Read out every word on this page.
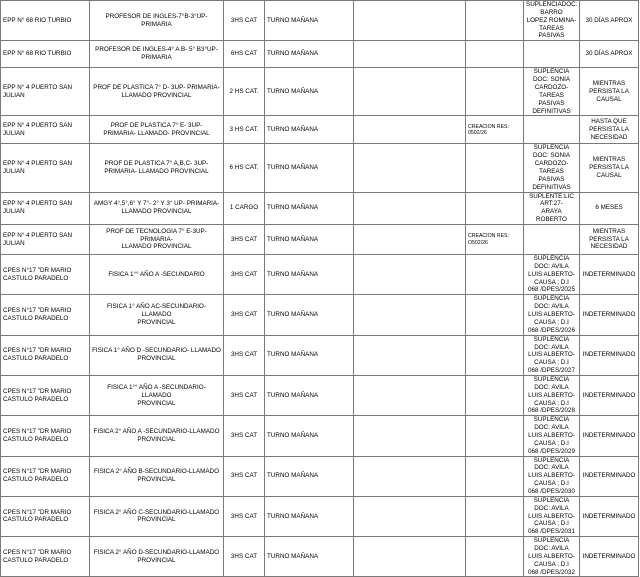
EPP N° 68 RIO TURBIO	PROFESOR DE INGLES-7°B-3°UP- PRIMARIA	3HS CAT	TURNO MAÑANA			SUPLENCIADOC: BARRO
LOPEZ ROMINA- TAREAS
PASIVAS	30 DÍAS APROX
EPP N° 68 RIO TURBIO	PROFESOR DE INGLES-4° A B- 5° B3°UP-
PRIMARIA	6HS CAT	TURNO MAÑANA				30 DÍAS APROX
EPP N° 4 PUERTO SAN JULIAN	PROF DE PLASTICA 7° D- 3UP- PRIMARIA-
LLAMADO PROVINCIAL	2 HS CAT.	TURNO MAÑANA			SUPLENCIA DOC: SONIA
CARDOZO- TAREAS
PASIVAS DEFINITIVAS	MIENTRAS PERSISTA LA CAUSAL
EPP N° 4 PUERTO SAN JULIAN	PROF DE PLASTICA 7° E- 3UP-
PRIMARIA- LLAMADO- PROVINCIAL	3 HS CAT.	TURNO MAÑANA		CREACION RES:
0502/26		HASTA QUE PERSISTA LA
NECESIDAD
EPP N° 4 PUERTO SAN JULIAN	PROF DE PLASTICA 7° A,B,C- 3UP-
PRIMARIA- LLAMADO PROVINCIAL	6 HS CAT.	TURNO MAÑANA			SUPLENCIA DOC: SONIA
CARDOZO- TAREAS
PASIVAS DEFINITIVAS	MIENTRAS PERSISTA LA CAUSAL
EPP N° 4 PUERTO SAN JULIAN	AMGY 4°,5°,6° Y 7°- 2° Y 3° UP- PRIMARIA-
LLAMADO PROVINCIAL	1 CARGO	TURNO MAÑANA			SUPLENTE:LIC ART:27-
ARAYA ROBERTO	6 MESES
EPP N° 4 PUERTO SAN JULIAN	PROF DE TECNOLOGIA 7° E-3UP-PRIMARIA-
LLAMADO PROVINCIAL	3HS CAT	TURNO MAÑANA		CREACION RES:
O502/26		MIENTRAS PERSISTA LA NECESIDAD
CPES N°17 "DR MARIO
CASTULO PARADELO	FISICA 1°° AÑO A -SECUNDARIO	3HS CAT	TURNO MAÑANA			SUPLENCIA DOC: AVILA
LUIS ALBERTO-CAUSA ; D.I
068 /DPES/2025	INDETERMINADO
CPES N°17 "DR MARIO
CASTULO PARADELO	FISICA 1° AÑO AC-SECUNDARIO- LLAMADO
PROVINCIAL	3HS CAT	TURNO MAÑANA			SUPLENCIA DOC: AVILA
LUIS ALBERTO-CAUSA ; D.I
068 /DPES/2026	INDETERMINADO
CPES N°17 "DR MARIO
CASTULO PARADELO	FISICA 1° AÑO D -SECUNDARIO- LLAMADO
PROVINCIAL	3HS CAT	TURNO MAÑANA			SUPLENCIA DOC: AVILA
LUIS ALBERTO-CAUSA ; D.I
068 /DPES/2027	INDETERMINADO
CPES N°17 "DR MARIO
CASTULO PARADELO	FISICA 1°° AÑO A -SECUNDARIO- LLAMADO
PROVINCIAL	3HS CAT	TURNO MAÑANA			SUPLENCIA DOC: AVILA
LUIS ALBERTO-CAUSA ; D.I
068 /DPES/2028	INDETERMINADO
CPES N°17 "DR MARIO
CASTULO PARADELO	FISICA 2° AÑO A -SECUNDARIO-LLAMADO
PROVINCIAL	3HS CAT	TURNO MAÑANA			SUPLENCIA DOC: AVILA
LUIS ALBERTO-CAUSA ; D.I
068 /DPES/2029	INDETERMINADO
CPES N°17 "DR MARIO
CASTULO PARADELO	FISICA 2° AÑO B-SECUNDARIO-LLAMADO
PROVINCIAL	3HS CAT	TURNO MAÑANA			SUPLENCIA DOC: AVILA
LUIS ALBERTO-CAUSA ; D.I
068 /DPES/2030	INDETERMINADO
CPES N°17 "DR MARIO
CASTULO PARADELO	FISICA 2° AÑO C-SECUNDARIO-LLAMADO
PROVINCIAL	3HS CAT	TURNO MAÑANA			SUPLENCIA DOC: AVILA
LUIS ALBERTO-CAUSA ; D.I
068 /DPES/2031	INDETERMINADO
CPES N°17 "DR MARIO
CASTULO PARADELO	FISICA 2° AÑO D-SECUNDARIO-LLAMADO
PROVINCIAL	3HS CAT	TURNO MAÑANA			SUPLENCIA DOC: AVILA
LUIS ALBERTO-CAUSA ; D.I
068 /DPES/2032	INDETERMINADO
